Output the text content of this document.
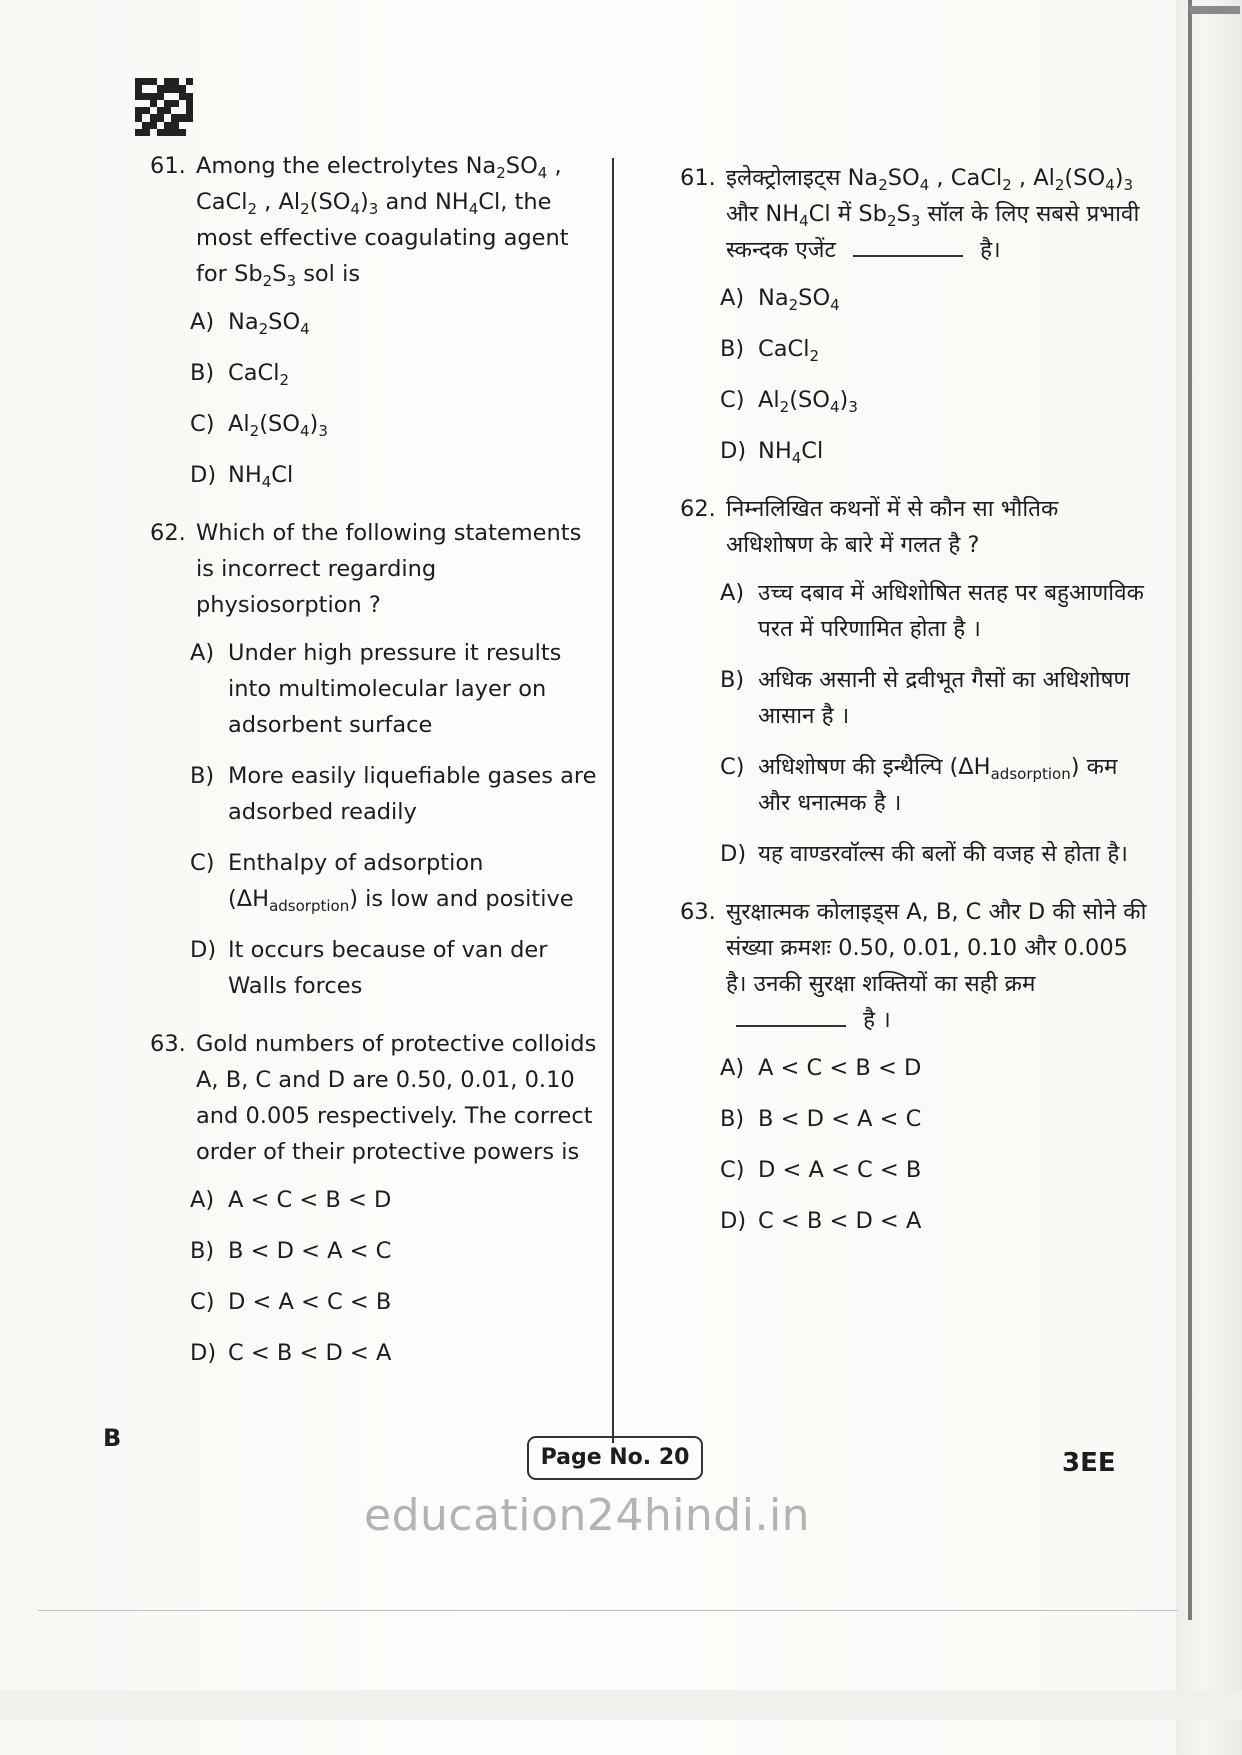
61. Among the electrolytes $Na_2SO_4$ , CaCl$_2$ , $Al_2(SO_4)_3$ and $NH_4Cl$, the most effective coagulating agent for $Sb_2S_3$ sol is
A) $Na_2SO_4$
B) CaCl$_2$
C) $Al_2(SO_4)_3$
D) $NH_4Cl$
62. Which of the following statements is incorrect regarding physiosorption ?
A) Under high pressure it results into multimolecular layer on adsorbent surface
B) More easily liquefiable gases are adsorbed readily
C) Enthalpy of adsorption $(\Delta H_{adsorption})$ is low and positive
D) It occurs because of van der Walls forces
63. Gold numbers of protective colloids A, B, C and D are 0.50, 0.01, 0.10 and 0.005 respectively. The correct order of their protective powers is
A) A < C < B < D
B) B < D < A < C
C) D < A < C < B
D) C < B < D < A
61. इलेक्ट्रोलाइट्स $Na_2SO_4$ , CaCl$_2$ , $Al_2(SO_4)_3$ और $NH_4Cl$ में $Sb_2S_3$ सॉल के लिए सबसे प्रभावी स्कन्दक एजेंट	है।
A) $Na_2SO_4$
B) CaCl$_2$
C) $Al_2(SO_4)_3$
D) $NH_4Cl$
62. निम्नलिखित कथनों में से कौन सा भौतिक अधिशोषण के बारे में गलत है ?
A) उच्च दबाव में अधिशोषित सतह पर बहुआणविक परत में परिणामित होता है ।
B) अधिक असानी से द्रवीभूत गैसों का अधिशोषण आसान है ।
C) अधिशोषण की इन्थैल्पि $(\Delta H_{adsorption})$ कम और धनात्मक है ।
D) यह वाण्डरवॉल्स की बलों की वजह से होता है।
63. सुरक्षात्मक कोलाइड्स A, B, C और D की सोने की संख्या क्रमशः 0.50, 0.01, 0.10 और 0.005 है। उनकी सुरक्षा शक्तियों का सही क्रम  है ।
A) A < C < B < D
B) B < D < A < C
C) D < A < C < B
D) C < B < D < A
B
Page No. 20	3EE
education24hindi.in
